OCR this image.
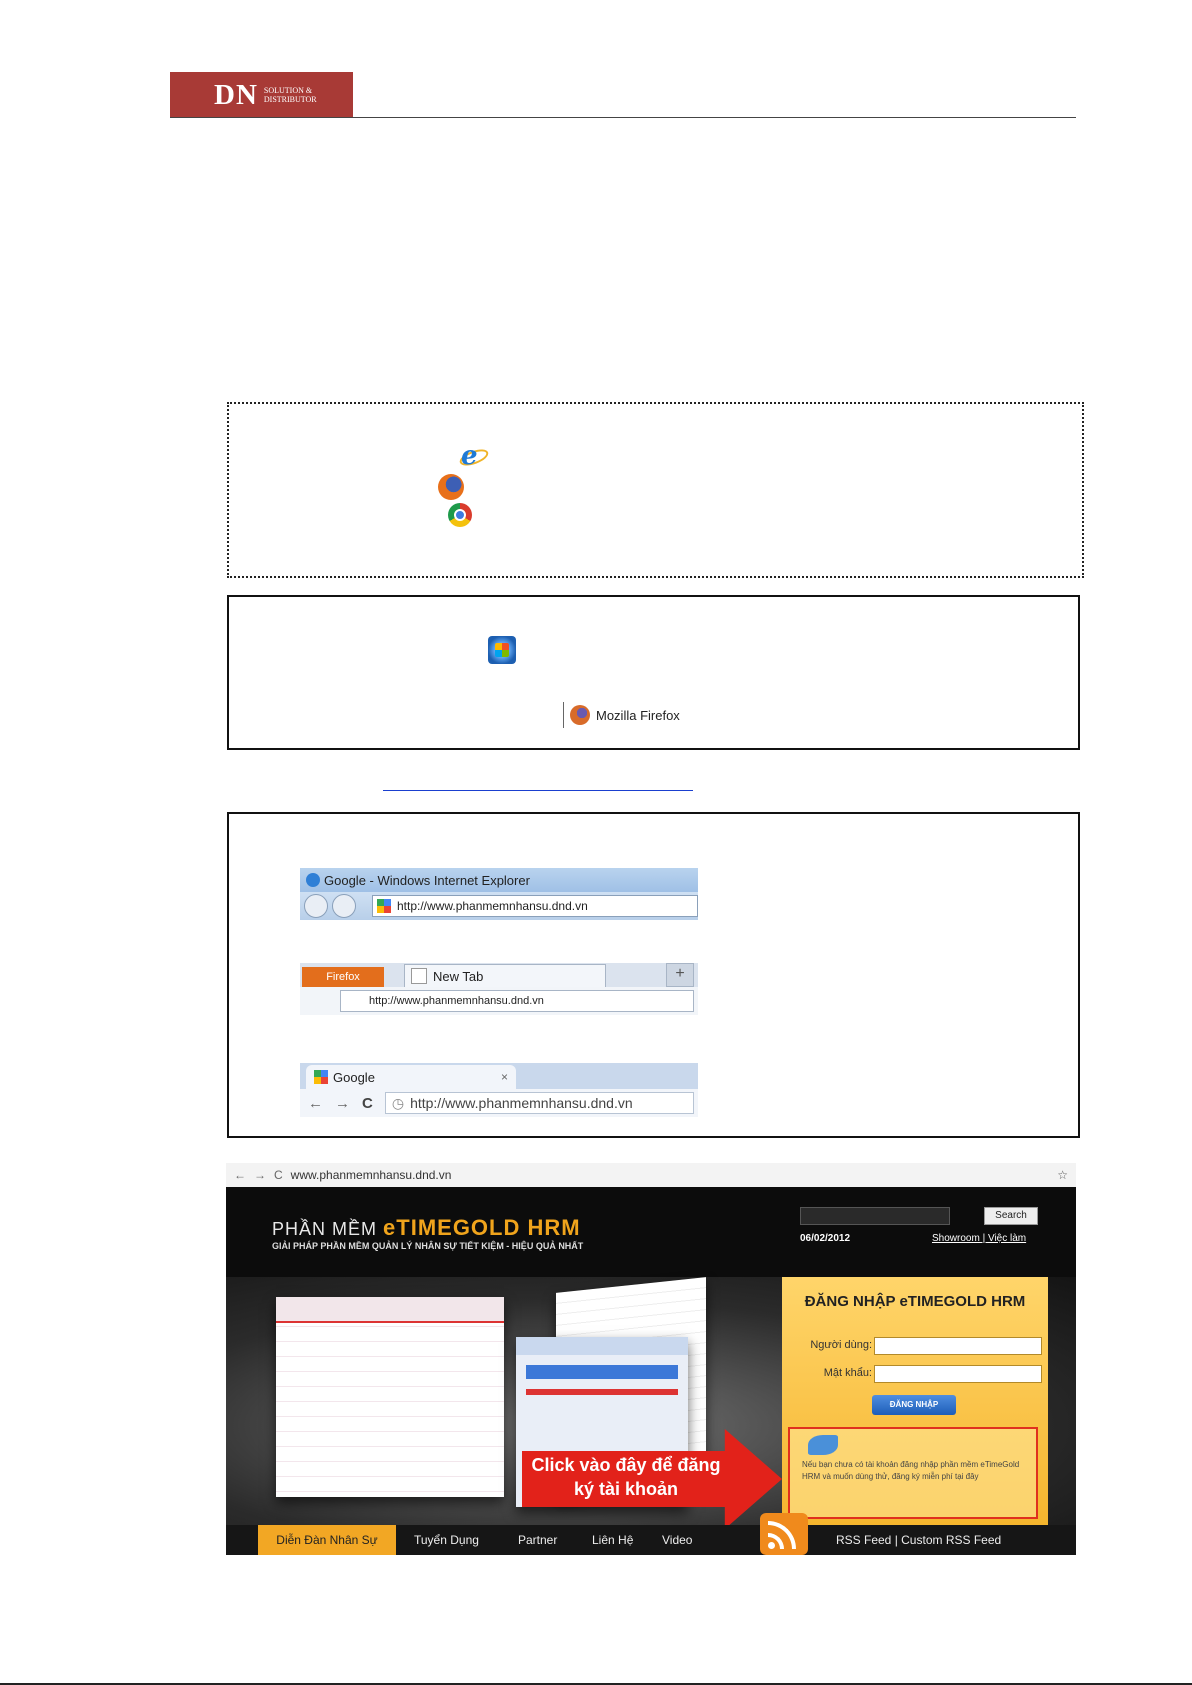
DN SOLUTION &
DISTRIBUTOR
e
Mozilla Firefox
Google - Windows Internet Explorer
http://www.phanmemnhansu.dnd.vn
Firefox	New Tab	+
http://www.phanmemnhansu.dnd.vn
Google	×
← → C ◷ http://www.phanmemnhansu.dnd.vn
← → C www.phanmemnhansu.dnd.vn	☆
PHẦN MỀM eTIMEGOLD HRM
GIẢI PHÁP PHẦN MỀM QUẢN LÝ NHÂN SỰ TIẾT KIỆM - HIỆU QUẢ NHẤT
Search
06/02/2012	Showroom | Việc làm
ĐĂNG NHẬP eTIMEGOLD HRM
Người dùng:
Mật khẩu:
ĐĂNG NHẬP
Nếu bạn chưa có tài khoản đăng nhập phần mềm eTimeGold HRM và muốn dùng thử, đăng ký miễn phí tại đây
Click vào đây để đăng ký tài khoản
Diễn Đàn Nhân Sự	Tuyển Dụng	Partner	Liên Hệ Video	RSS Feed | Custom RSS Feed
